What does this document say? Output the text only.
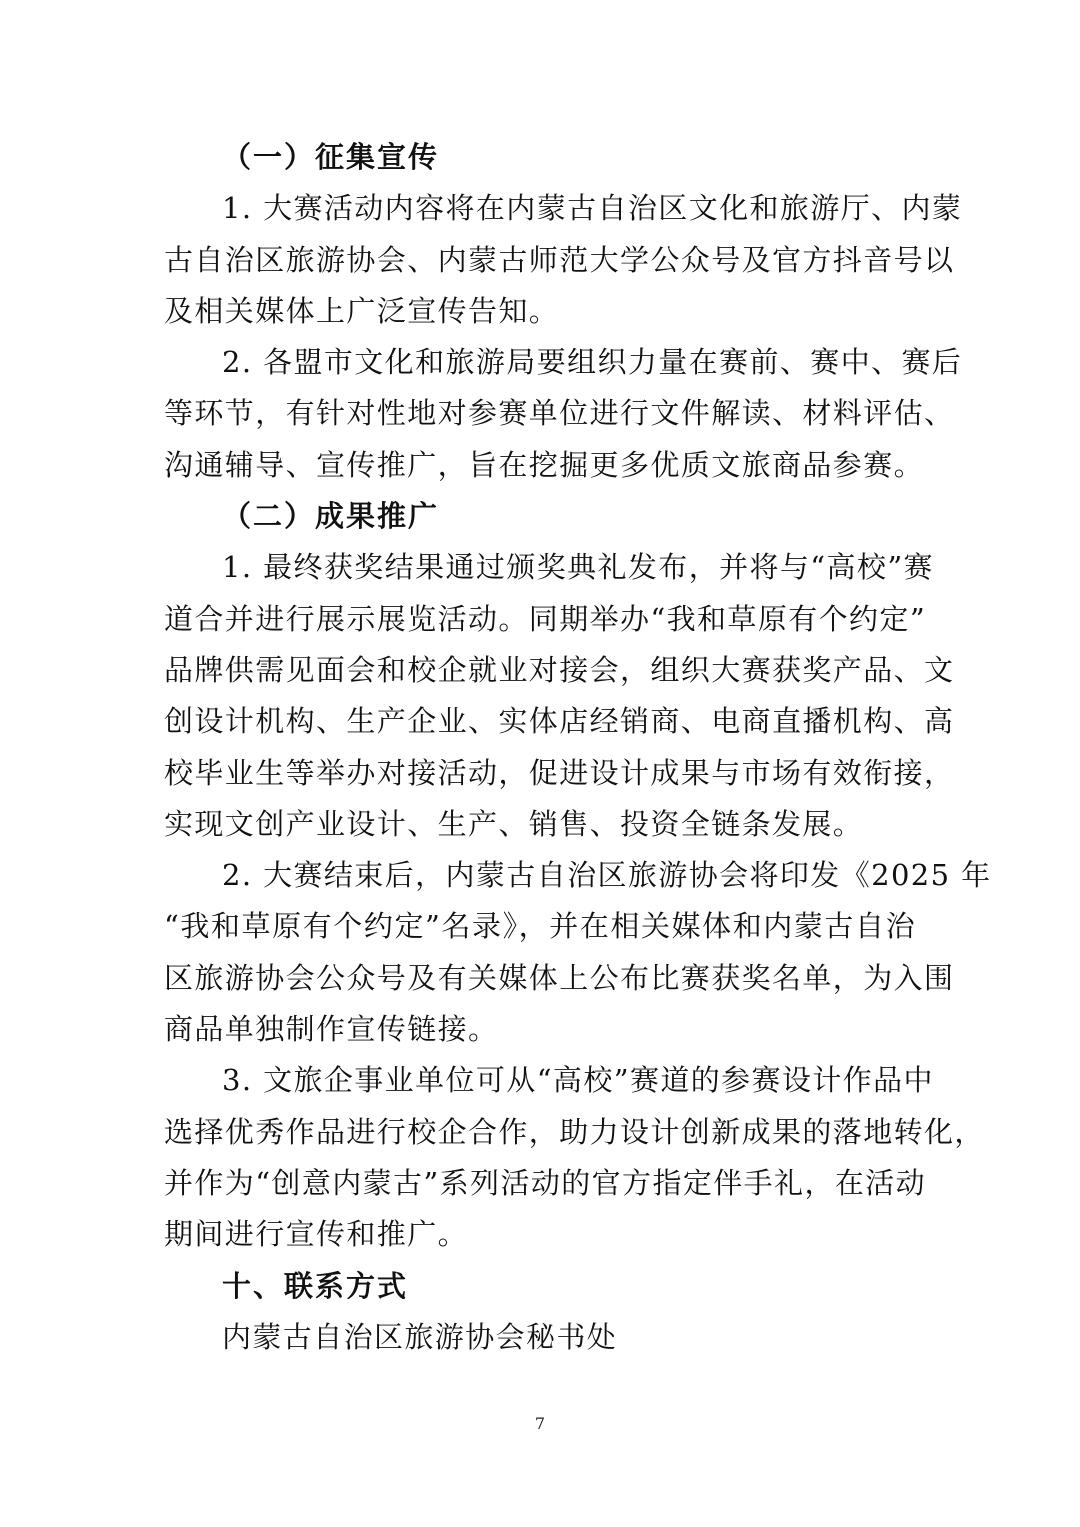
（一）征集宣传
1. 大赛活动内容将在内蒙古自治区文化和旅游厅、内蒙
古自治区旅游协会、内蒙古师范大学公众号及官方抖音号以
及相关媒体上广泛宣传告知。
2. 各盟市文化和旅游局要组织力量在赛前、赛中、赛后
等环节，有针对性地对参赛单位进行文件解读、材料评估、
沟通辅导、宣传推广，旨在挖掘更多优质文旅商品参赛。
（二）成果推广
1. 最终获奖结果通过颁奖典礼发布，并将与“高校”赛
道合并进行展示展览活动。同期举办“我和草原有个约定”
品牌供需见面会和校企就业对接会，组织大赛获奖产品、文
创设计机构、生产企业、实体店经销商、电商直播机构、高
校毕业生等举办对接活动，促进设计成果与市场有效衔接，
实现文创产业设计、生产、销售、投资全链条发展。
2. 大赛结束后，内蒙古自治区旅游协会将印发《2025 年
“我和草原有个约定”名录》，并在相关媒体和内蒙古自治
区旅游协会公众号及有关媒体上公布比赛获奖名单，为入围
商品单独制作宣传链接。
3. 文旅企事业单位可从“高校”赛道的参赛设计作品中
选择优秀作品进行校企合作，助力设计创新成果的落地转化，
并作为“创意内蒙古”系列活动的官方指定伴手礼，在活动
期间进行宣传和推广。
十、联系方式
内蒙古自治区旅游协会秘书处
7
